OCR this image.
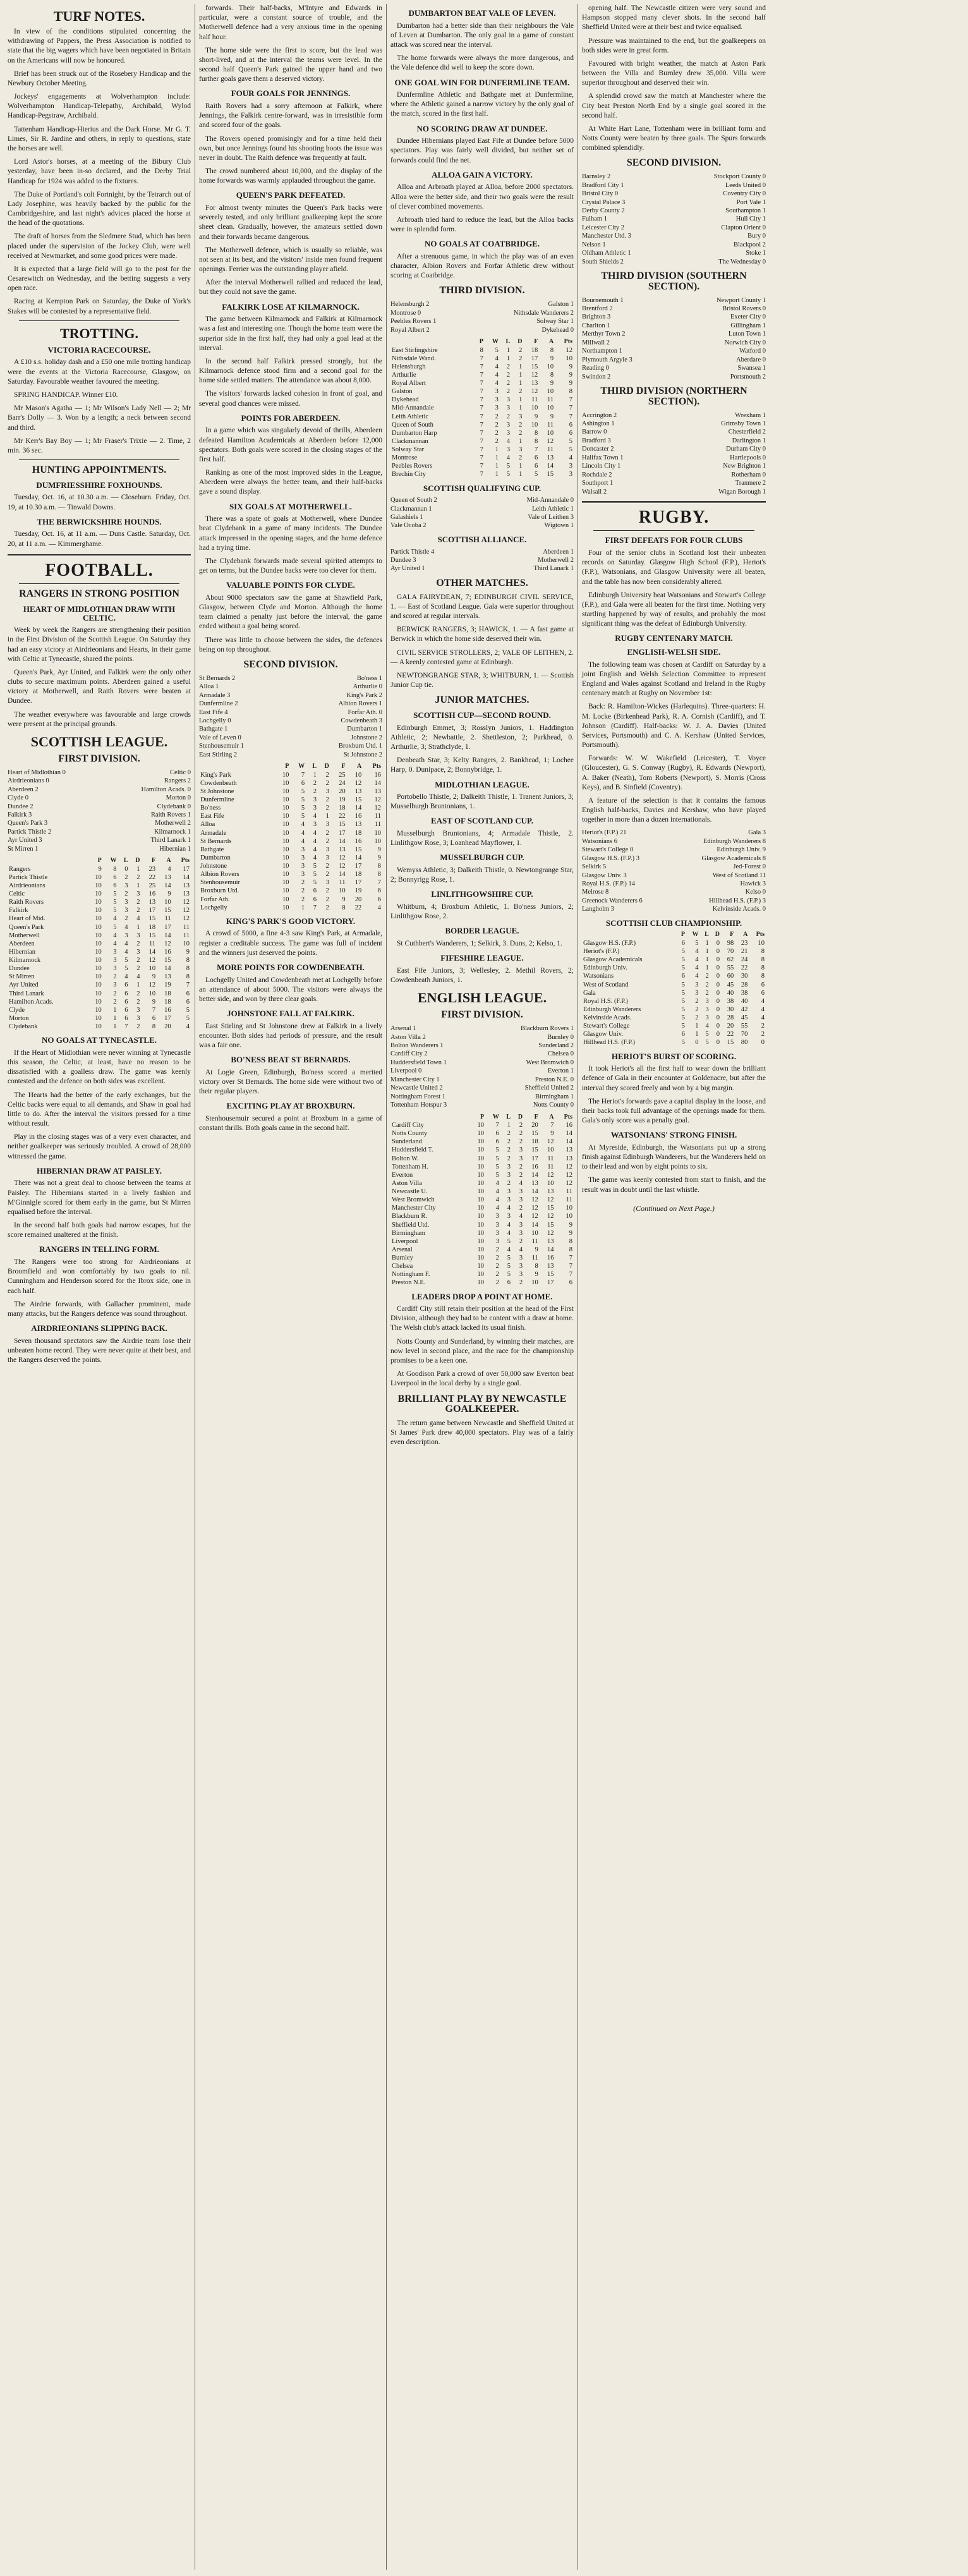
TURF NOTES.

In view of the conditions stipulated concerning the withdrawing of Pappers, the Press Association is notified to state that the big wagers which have been negotiated in Britain on the Americans will now be honoured.

Brief has been struck out of the Rosebery Handicap and the Newbury October Meeting.

Jockeys' engagements at Wolverhampton include: Wolverhampton Handicap-Telepathy, Archibald, Wylod Handicap-Pegstraw, Archibald.

Tattenham Handicap-Hierius and the Dark Horse. Mr G. T. Limes, Sir R. Jardine and others, in reply to questions, state the horses are well.

Lord Astor's horses, at a meeting of the Bibury Club yesterday, have been in-so declared, and the Derby Trial Handicap for 1924 was added to the fixtures.

The Duke of Portland's colt Fortnight, by the Tetrarch out of Lady Josephine, was heavily backed by the public for the Cambridgeshire, and last night's advices placed the horse at the head of the quotations.

The draft of horses from the Sledmere Stud, which has been placed under the supervision of the Jockey Club, were well received at Newmarket, and some good prices were made.

It is expected that a large field will go to the post for the Cesarewitch on Wednesday, and the betting suggests a very open race.

Racing at Kempton Park on Saturday, the Duke of York's Stakes will be contested by a representative field.

TROTTING.
VICTORIA RACECOURSE.

A £10 s.s. holiday dash and a £50 one mile trotting handicap were the events at the Victoria Racecourse, Glasgow, on Saturday. Favourable weather favoured the meeting.

SPRING HANDICAP. Winner £10.

Mr Mason's Agatha — 1; Mr Wilson's Lady Nell — 2; Mr Barr's Dolly — 3. Won by a length; a neck between second and third.

Mr Kerr's Bay Boy — 1; Mr Fraser's Trixie — 2. Time, 2 min. 36 sec.

HUNTING APPOINTMENTS.
DUMFRIESSHIRE FOXHOUNDS.

Tuesday, Oct. 16, at 10.30 a.m. — Closeburn. Friday, Oct. 19, at 10.30 a.m. — Tinwald Downs.

THE BERWICKSHIRE HOUNDS.

Tuesday, Oct. 16, at 11 a.m. — Duns Castle. Saturday, Oct. 20, at 11 a.m. — Kimmerghame.

FOOTBALL.
RANGERS IN STRONG POSITION
HEART OF MIDLOTHIAN DRAW WITH CELTIC.

Week by week the Rangers are strengthening their position in the First Division of the Scottish League. On Saturday they had an easy victory at Airdrieonians and Hearts, in their game with Celtic at Tynecastle, shared the points.

Queen's Park, Ayr United, and Falkirk were the only other clubs to secure maximum points. Aberdeen gained a useful victory at Motherwell, and Raith Rovers were beaten at Dundee.

The weather everywhere was favourable and large crowds were present at the principal grounds.

SCOTTISH LEAGUE.
FIRST DIVISION.
Heart of Midlothian 0	Celtic 0
Airdrieonians 0	Rangers 2
Aberdeen 2	Hamilton Acads. 0
Clyde 0	Morton 0
Dundee 2	Clydebank 0
Falkirk 3	Raith Rovers 1
Queen's Park 3	Motherwell 2
Partick Thistle 2	Kilmarnock 1
Ayr United 3	Third Lanark 1
St Mirren 1	Hibernian 1
	P	W	L	D	F	A	Pts
Rangers	9	8	0	1	23	4	17
Partick Thistle	10	6	2	2	22	13	14
Airdrieonians	10	6	3	1	25	14	13
Celtic	10	5	2	3	16	9	13
Raith Rovers	10	5	3	2	13	10	12
Falkirk	10	5	3	2	17	15	12
Heart of Mid.	10	4	2	4	15	11	12
Queen's Park	10	5	4	1	18	17	11
Motherwell	10	4	3	3	15	14	11
Aberdeen	10	4	4	2	11	12	10
Hibernian	10	3	4	3	14	16	9
Kilmarnock	10	3	5	2	12	15	8
Dundee	10	3	5	2	10	14	8
St Mirren	10	2	4	4	9	13	8
Ayr United	10	3	6	1	12	19	7
Third Lanark	10	2	6	2	10	18	6
Hamilton Acads.	10	2	6	2	9	18	6
Clyde	10	1	6	3	7	16	5
Morton	10	1	6	3	6	17	5
Clydebank	10	1	7	2	8	20	4
NO GOALS AT TYNECASTLE.

If the Heart of Midlothian were never winning at Tynecastle this season, the Celtic, at least, have no reason to be dissatisfied with a goalless draw. The game was keenly contested and the defence on both sides was excellent.

The Hearts had the better of the early exchanges, but the Celtic backs were equal to all demands, and Shaw in goal had little to do. After the interval the visitors pressed for a time without result.

Play in the closing stages was of a very even character, and neither goalkeeper was seriously troubled. A crowd of 28,000 witnessed the game.

HIBERNIAN DRAW AT PAISLEY.

There was not a great deal to choose between the teams at Paisley. The Hibernians started in a lively fashion and M'Ginnigle scored for them early in the game, but St Mirren equalised before the interval.

In the second half both goals had narrow escapes, but the score remained unaltered at the finish.

RANGERS IN TELLING FORM.

The Rangers were too strong for Airdrieonians at Broomfield and won comfortably by two goals to nil. Cunningham and Henderson scored for the Ibrox side, one in each half.

The Airdrie forwards, with Gallacher prominent, made many attacks, but the Rangers defence was sound throughout.

AIRDRIEONIANS SLIPPING BACK.

Seven thousand spectators saw the Airdrie team lose their unbeaten home record. They were never quite at their best, and the Rangers deserved the points.

forwards. Their half-backs, M'Intyre and Edwards in particular, were a constant source of trouble, and the Motherwell defence had a very anxious time in the opening half hour.

The home side were the first to score, but the lead was short-lived, and at the interval the teams were level. In the second half Queen's Park gained the upper hand and two further goals gave them a deserved victory.

FOUR GOALS FOR JENNINGS.

Raith Rovers had a sorry afternoon at Falkirk, where Jennings, the Falkirk centre-forward, was in irresistible form and scored four of the goals.

The Rovers opened promisingly and for a time held their own, but once Jennings found his shooting boots the issue was never in doubt. The Raith defence was frequently at fault.

The crowd numbered about 10,000, and the display of the home forwards was warmly applauded throughout the game.

QUEEN'S PARK DEFEATED.

For almost twenty minutes the Queen's Park backs were severely tested, and only brilliant goalkeeping kept the score sheet clean. Gradually, however, the amateurs settled down and their forwards became dangerous.

The Motherwell defence, which is usually so reliable, was not seen at its best, and the visitors' inside men found frequent openings. Ferrier was the outstanding player afield.

After the interval Motherwell rallied and reduced the lead, but they could not save the game.

FALKIRK LOSE AT KILMARNOCK.

The game between Kilmarnock and Falkirk at Kilmarnock was a fast and interesting one. Though the home team were the superior side in the first half, they had only a goal lead at the interval.

In the second half Falkirk pressed strongly, but the Kilmarnock defence stood firm and a second goal for the home side settled matters. The attendance was about 8,000.

The visitors' forwards lacked cohesion in front of goal, and several good chances were missed.

POINTS FOR ABERDEEN.

In a game which was singularly devoid of thrills, Aberdeen defeated Hamilton Academicals at Aberdeen before 12,000 spectators. Both goals were scored in the closing stages of the first half.

Ranking as one of the most improved sides in the League, Aberdeen were always the better team, and their half-backs gave a sound display.

SIX GOALS AT MOTHERWELL.

There was a spate of goals at Motherwell, where Dundee beat Clydebank in a game of many incidents. The Dundee attack impressed in the opening stages, and the home defence had a trying time.

The Clydebank forwards made several spirited attempts to get on terms, but the Dundee backs were too clever for them.

VALUABLE POINTS FOR CLYDE.

About 9000 spectators saw the game at Shawfield Park, Glasgow, between Clyde and Morton. Although the home team claimed a penalty just before the interval, the game ended without a goal being scored.

There was little to choose between the sides, the defences being on top throughout.

SECOND DIVISION.
St Bernards 2	Bo'ness 1
Alloa 1	Arthurlie 0
Armadale 3	King's Park 2
Dunfermline 2	Albion Rovers 1
East Fife 4	Forfar Ath. 0
Lochgelly 0	Cowdenbeath 3
Bathgate 1	Dumbarton 1
Vale of Leven 0	Johnstone 2
Stenhousemuir 1	Broxburn Utd. 1
East Stirling 2	St Johnstone 2
	P	W	L	D	F	A	Pts
King's Park	10	7	1	2	25	10	16
Cowdenbeath	10	6	2	2	24	12	14
St Johnstone	10	5	2	3	20	13	13
Dunfermline	10	5	3	2	19	15	12
Bo'ness	10	5	3	2	18	14	12
East Fife	10	5	4	1	22	16	11
Alloa	10	4	3	3	15	13	11
Armadale	10	4	4	2	17	18	10
St Bernards	10	4	4	2	14	16	10
Bathgate	10	3	4	3	13	15	9
Dumbarton	10	3	4	3	12	14	9
Johnstone	10	3	5	2	12	17	8
Albion Rovers	10	3	5	2	14	18	8
Stenhousemuir	10	2	5	3	11	17	7
Broxburn Utd.	10	2	6	2	10	19	6
Forfar Ath.	10	2	6	2	9	20	6
Lochgelly	10	1	7	2	8	22	4
KING'S PARK'S GOOD VICTORY.

A crowd of 5000, a fine 4-3 saw King's Park, at Armadale, register a creditable success. The game was full of incident and the winners just deserved the points.

MORE POINTS FOR COWDENBEATH.

Lochgelly United and Cowdenbeath met at Lochgelly before an attendance of about 5000. The visitors were always the better side, and won by three clear goals.

JOHNSTONE FALL AT FALKIRK.

East Stirling and St Johnstone drew at Falkirk in a lively encounter. Both sides had periods of pressure, and the result was a fair one.

BO'NESS BEAT ST BERNARDS.

At Logie Green, Edinburgh, Bo'ness scored a merited victory over St Bernards. The home side were without two of their regular players.

EXCITING PLAY AT BROXBURN.

Stenhousemuir secured a point at Broxburn in a game of constant thrills. Both goals came in the second half.

DUMBARTON BEAT VALE OF LEVEN.

Dumbarton had a better side than their neighbours the Vale of Leven at Dumbarton. The only goal in a game of constant attack was scored near the interval.

The home forwards were always the more dangerous, and the Vale defence did well to keep the score down.

ONE GOAL WIN FOR DUNFERMLINE TEAM.

Dunfermline Athletic and Bathgate met at Dunfermline, where the Athletic gained a narrow victory by the only goal of the match, scored in the first half.

NO SCORING DRAW AT DUNDEE.

Dundee Hibernians played East Fife at Dundee before 5000 spectators. Play was fairly well divided, but neither set of forwards could find the net.

ALLOA GAIN A VICTORY.

Alloa and Arbroath played at Alloa, before 2000 spectators. Alloa were the better side, and their two goals were the result of clever combined movements.

Arbroath tried hard to reduce the lead, but the Alloa backs were in splendid form.

NO GOALS AT COATBRIDGE.

After a strenuous game, in which the play was of an even character, Albion Rovers and Forfar Athletic drew without scoring at Coatbridge.

THIRD DIVISION.
Helensburgh 2	Galston 1
Montrose 0	Nithsdale Wanderers 2
Peebles Rovers 1	Solway Star 1
Royal Albert 2	Dykehead 0
	P	W	L	D	F	A	Pts
East Stirlingshire	8	5	1	2	18	8	12
Nithsdale Wand.	7	4	1	2	17	9	10
Helensburgh	7	4	2	1	15	10	9
Arthurlie	7	4	2	1	12	8	9
Royal Albert	7	4	2	1	13	9	9
Galston	7	3	2	2	12	10	8
Dykehead	7	3	3	1	11	11	7
Mid-Annandale	7	3	3	1	10	10	7
Leith Athletic	7	2	2	3	9	9	7
Queen of South	7	2	3	2	10	11	6
Dumbarton Harp	7	2	3	2	8	10	6
Clackmannan	7	2	4	1	8	12	5
Solway Star	7	1	3	3	7	11	5
Montrose	7	1	4	2	6	13	4
Peebles Rovers	7	1	5	1	6	14	3
Brechin City	7	1	5	1	5	15	3
SCOTTISH QUALIFYING CUP.
Queen of South 2	Mid-Annandale 0
Clackmannan 1	Leith Athletic 1
Galashiels 1	Vale of Leithen 3
Vale Ocoba 2	Wigtown 1
SCOTTISH ALLIANCE.
Partick Thistle 4	Aberdeen 1
Dundee 3	Motherwell 2
Ayr United 1	Third Lanark 1
OTHER MATCHES.

GALA FAIRYDEAN, 7; EDINBURGH CIVIL SERVICE, 1. — East of Scotland League. Gala were superior throughout and scored at regular intervals.

BERWICK RANGERS, 3; HAWICK, 1. — A fast game at Berwick in which the home side deserved their win.

CIVIL SERVICE STROLLERS, 2; VALE OF LEITHEN, 2. — A keenly contested game at Edinburgh.

NEWTONGRANGE STAR, 3; WHITBURN, 1. — Scottish Junior Cup tie.

JUNIOR MATCHES.
SCOTTISH CUP—SECOND ROUND.

Edinburgh Emmet, 3; Rosslyn Juniors, 1. Haddington Athletic, 2; Newbattle, 2. Shettleston, 2; Parkhead, 0. Arthurlie, 3; Strathclyde, 1.

Denbeath Star, 3; Kelty Rangers, 2. Bankhead, 1; Lochee Harp, 0. Dunipace, 2; Bonnybridge, 1.

MIDLOTHIAN LEAGUE.

Portobello Thistle, 2; Dalkeith Thistle, 1. Tranent Juniors, 3; Musselburgh Bruntonians, 1.

EAST OF SCOTLAND CUP.

Musselburgh Bruntonians, 4; Armadale Thistle, 2. Linlithgow Rose, 3; Loanhead Mayflower, 1.

MUSSELBURGH CUP.

Wemyss Athletic, 3; Dalkeith Thistle, 0. Newtongrange Star, 2; Bonnyrigg Rose, 1.

LINLITHGOWSHIRE CUP.

Whitburn, 4; Broxburn Athletic, 1. Bo'ness Juniors, 2; Linlithgow Rose, 2.

BORDER LEAGUE.

St Cuthbert's Wanderers, 1; Selkirk, 3. Duns, 2; Kelso, 1.

FIFESHIRE LEAGUE.

East Fife Juniors, 3; Wellesley, 2. Methil Rovers, 2; Cowdenbeath Juniors, 1.

ENGLISH LEAGUE.
FIRST DIVISION.
Arsenal 1	Blackburn Rovers 1
Aston Villa 2	Burnley 0
Bolton Wanderers 1	Sunderland 2
Cardiff City 2	Chelsea 0
Huddersfield Town 1	West Bromwich 0
Liverpool 0	Everton 1
Manchester City 1	Preston N.E. 0
Newcastle United 2	Sheffield United 2
Nottingham Forest 1	Birmingham 1
Tottenham Hotspur 3	Notts County 0
	P	W	L	D	F	A	Pts
Cardiff City	10	7	1	2	20	7	16
Notts County	10	6	2	2	15	9	14
Sunderland	10	6	2	2	18	12	14
Huddersfield T.	10	5	2	3	15	10	13
Bolton W.	10	5	2	3	17	11	13
Tottenham H.	10	5	3	2	16	11	12
Everton	10	5	3	2	14	12	12
Aston Villa	10	4	2	4	13	10	12
Newcastle U.	10	4	3	3	14	13	11
West Bromwich	10	4	3	3	12	12	11
Manchester City	10	4	4	2	12	15	10
Blackburn R.	10	3	3	4	12	12	10
Sheffield Utd.	10	3	4	3	14	15	9
Birmingham	10	3	4	3	10	12	9
Liverpool	10	3	5	2	11	13	8
Arsenal	10	2	4	4	9	14	8
Burnley	10	2	5	3	11	16	7
Chelsea	10	2	5	3	8	13	7
Nottingham F.	10	2	5	3	9	15	7
Preston N.E.	10	2	6	2	10	17	6
LEADERS DROP A POINT AT HOME.

Cardiff City still retain their position at the head of the First Division, although they had to be content with a draw at home. The Welsh club's attack lacked its usual finish.

Notts County and Sunderland, by winning their matches, are now level in second place, and the race for the championship promises to be a keen one.

At Goodison Park a crowd of over 50,000 saw Everton beat Liverpool in the local derby by a single goal.

BRILLIANT PLAY BY NEWCASTLE GOALKEEPER.

The return game between Newcastle and Sheffield United at St James' Park drew 40,000 spectators. Play was of a fairly even description.

opening half. The Newcastle citizen were very sound and Hampson stopped many clever shots. In the second half Sheffield United were at their best and twice equalised.

Pressure was maintained to the end, but the goalkeepers on both sides were in great form.

Favoured with bright weather, the match at Aston Park between the Villa and Burnley drew 35,000. Villa were superior throughout and deserved their win.

A splendid crowd saw the match at Manchester where the City beat Preston North End by a single goal scored in the second half.

At White Hart Lane, Tottenham were in brilliant form and Notts County were beaten by three goals. The Spurs forwards combined splendidly.

SECOND DIVISION.
Barnsley 2	Stockport County 0
Bradford City 1	Leeds United 0
Bristol City 0	Coventry City 0
Crystal Palace 3	Port Vale 1
Derby County 2	Southampton 1
Fulham 1	Hull City 1
Leicester City 2	Clapton Orient 0
Manchester Utd. 3	Bury 0
Nelson 1	Blackpool 2
Oldham Athletic 1	Stoke 1
South Shields 2	The Wednesday 0
THIRD DIVISION (SOUTHERN SECTION).
Bournemouth 1	Newport County 1
Brentford 2	Bristol Rovers 0
Brighton 3	Exeter City 0
Charlton 1	Gillingham 1
Merthyr Town 2	Luton Town 1
Millwall 2	Norwich City 0
Northampton 1	Watford 0
Plymouth Argyle 3	Aberdare 0
Reading 0	Swansea 1
Swindon 2	Portsmouth 2
THIRD DIVISION (NORTHERN SECTION).
Accrington 2	Wrexham 1
Ashington 1	Grimsby Town 1
Barrow 0	Chesterfield 2
Bradford 3	Darlington 1
Doncaster 2	Durham City 0
Halifax Town 1	Hartlepools 0
Lincoln City 1	New Brighton 1
Rochdale 2	Rotherham 0
Southport 1	Tranmere 2
Walsall 2	Wigan Borough 1
RUGBY.
FIRST DEFEATS FOR FOUR CLUBS

Four of the senior clubs in Scotland lost their unbeaten records on Saturday. Glasgow High School (F.P.), Heriot's (F.P.), Watsonians, and Glasgow University were all beaten, and the table has now been considerably altered.

Edinburgh University beat Watsonians and Stewart's College (F.P.), and Gala were all beaten for the first time. Nothing very startling happened by way of results, and probably the most significant thing was the defeat of Edinburgh University.

RUGBY CENTENARY MATCH.
ENGLISH-WELSH SIDE.

The following team was chosen at Cardiff on Saturday by a joint English and Welsh Selection Committee to represent England and Wales against Scotland and Ireland in the Rugby centenary match at Rugby on November 1st:

Back: R. Hamilton-Wickes (Harlequins). Three-quarters: H. M. Locke (Birkenhead Park), R. A. Cornish (Cardiff), and T. Johnson (Cardiff). Half-backs: W. J. A. Davies (United Services, Portsmouth) and C. A. Kershaw (United Services, Portsmouth).

Forwards: W. W. Wakefield (Leicester), T. Voyce (Gloucester), G. S. Conway (Rugby), R. Edwards (Newport), A. Baker (Neath), Tom Roberts (Newport), S. Morris (Cross Keys), and B. Sinfield (Coventry).

A feature of the selection is that it contains the famous English half-backs, Davies and Kershaw, who have played together in more than a dozen internationals.

Heriot's (F.P.) 21	Gala 3
Watsonians 6	Edinburgh Wanderers 8
Stewart's College 0	Edinburgh Univ. 9
Glasgow H.S. (F.P.) 3	Glasgow Academicals 8
Selkirk 5	Jed-Forest 0
Glasgow Univ. 3	West of Scotland 11
Royal H.S. (F.P.) 14	Hawick 3
Melrose 8	Kelso 0
Greenock Wanderers 6	Hillhead H.S. (F.P.) 3
Langholm 3	Kelvinside Acads. 0
SCOTTISH CLUB CHAMPIONSHIP.
	P	W	L	D	F	A	Pts
Glasgow H.S. (F.P.)	6	5	1	0	98	23	10
Heriot's (F.P.)	5	4	1	0	70	21	8
Glasgow Academicals	5	4	1	0	62	24	8
Edinburgh Univ.	5	4	1	0	55	22	8
Watsonians	6	4	2	0	60	30	8
West of Scotland	5	3	2	0	45	28	6
Gala	5	3	2	0	40	38	6
Royal H.S. (F.P.)	5	2	3	0	38	40	4
Edinburgh Wanderers	5	2	3	0	30	42	4
Kelvinside Acads.	5	2	3	0	28	45	4
Stewart's College	5	1	4	0	20	55	2
Glasgow Univ.	6	1	5	0	22	70	2
Hillhead H.S. (F.P.)	5	0	5	0	15	80	0
HERIOT'S BURST OF SCORING.

It took Heriot's all the first half to wear down the brilliant defence of Gala in their encounter at Goldenacre, but after the interval they scored freely and won by a big margin.

The Heriot's forwards gave a capital display in the loose, and their backs took full advantage of the openings made for them. Gala's only score was a penalty goal.

WATSONIANS' STRONG FINISH.

At Myreside, Edinburgh, the Watsonians put up a strong finish against Edinburgh Wanderers, but the Wanderers held on to their lead and won by eight points to six.

The game was keenly contested from start to finish, and the result was in doubt until the last whistle.

(Continued on Next Page.)
